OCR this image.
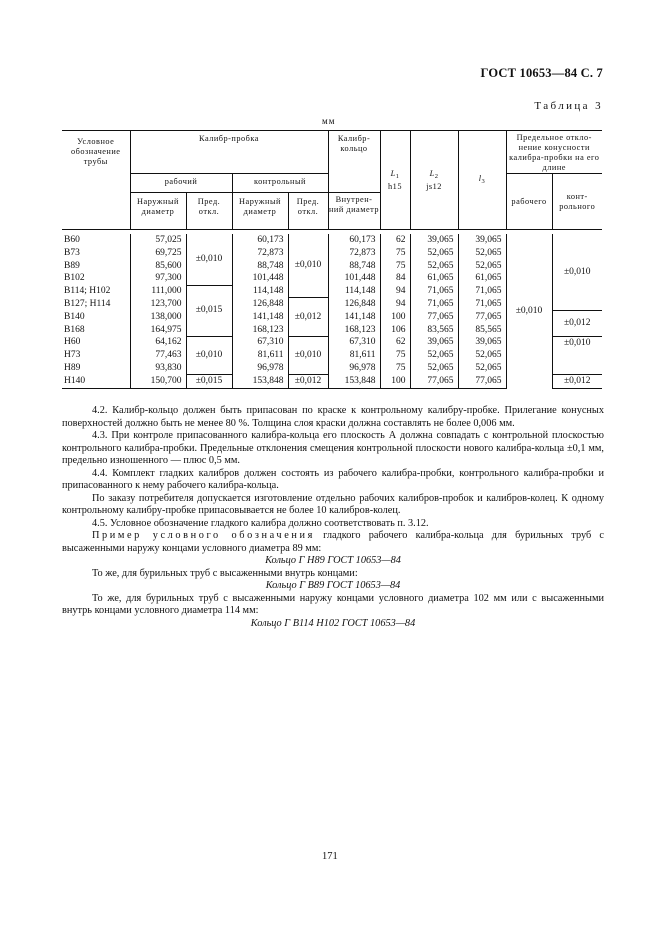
ГОСТ 10653—84 С. 7
Таблица 3
мм
Условное обозначение трубы	Калибр-пробка				Калибр-кольцо	$L_1$
h15	$L_2$
js12	$l_3$	Предельное откло- нение конусности калибра-пробки на его длине	
	рабочий		контрольный						рабочего	конт- рольного
	Наружный диаметр	Пред. откл.	Наружный диаметр	Пред. откл.	Внутрен- ний диаметр					

В60	57,025	±0,010	60,173	±0,010	60,173	62	39,065	39,065	±0,010	±0,010
В73	69,725		72,873		72,873	75	52,065	52,065		
В89	85,600		88,748		88,748	75	52,065	52,065		
В102	97,300		101,448		101,448	84	61,065	61,065		
В114; Н102	111,000	±0,015	114,148		114,148	94	71,065	71,065		
В127; Н114	123,700		126,848	±0,012	126,848	94	71,065	71,065		
В140	138,000		141,148		141,148	100	77,065	77,065		±0,012
В168	164,975		168,123		168,123	106	83,565	85,565		
Н60	64,162	±0,010	67,310	±0,010	67,310	62	39,065	39,065		±0,010
Н73	77,463		81,611		81,611	75	52,065	52,065		
Н89	93,830		96,978		96,978	75	52,065	52,065		
Н140	150,700	±0,015	153,848	±0,012	153,848	100	77,065	77,065		±0,012

4.2. Калибр-кольцо должен быть припасован по краске к контрольному калибру-пробке. Прилегание конусных поверхностей должно быть не менее 80 %. Толщина слоя краски должна составлять не более 0,006 мм.

4.3. При контроле припасованного калибра-кольца его плоскость А должна совпадать с контрольной плоскостью контрольного калибра-пробки. Предельные отклонения смещения контрольной плоскости нового калибра-кольца ±0,1 мм, предельно изношенного — плюс 0,5 мм.

4.4. Комплект гладких калибров должен состоять из рабочего калибра-пробки, контрольного калибра-пробки и припасованного к нему рабочего калибра-кольца.

По заказу потребителя допускается изготовление отдельно рабочих калибров-пробок и калибров-колец. К одному контрольному калибру-пробке припасовывается не более 10 калибров-колец.

4.5. Условное обозначение гладкого калибра должно соответствовать п. 3.12.

Пример условного обозначения гладкого рабочего калибра-кольца для бурильных труб с высаженными наружу концами условного диаметра 89 мм:

Кольцо Г Н89 ГОСТ 10653—84

То же, для бурильных труб с высаженными внутрь концами:

Кольцо Г В89 ГОСТ 10653—84

То же, для бурильных труб с высаженными наружу концами условного диаметра 102 мм или с высаженными внутрь концами условного диаметра 114 мм:

Кольцо Г В114 Н102 ГОСТ 10653—84

171
